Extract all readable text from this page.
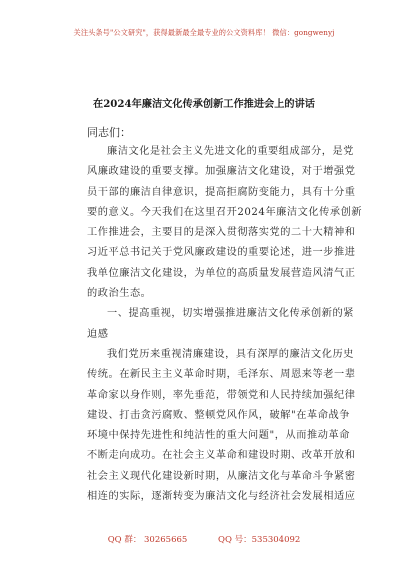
关注头条号"公文研究"，获得最新最全最专业的公文资料库！ 微信：gongwenyj
在2024年廉洁文化传承创新工作推进会上的讲话
同志们：
廉洁文化是社会主义先进文化的重要组成部分，是党
风廉政建设的重要支撑。加强廉洁文化建设，对于增强党
员干部的廉洁自律意识，提高拒腐防变能力，具有十分重
要的意义。今天我们在这里召开2024年廉洁文化传承创新
工作推进会，主要目的是深入贯彻落实党的二十大精神和
习近平总书记关于党风廉政建设的重要论述，进一步推进
我单位廉洁文化建设，为单位的高质量发展营造风清气正
的政治生态。
一、提高重视，切实增强推进廉洁文化传承创新的紧
迫感
我们党历来重视清廉建设，具有深厚的廉洁文化历史
传统。在新民主主义革命时期，毛泽东、周恩来等老一辈
革命家以身作则，率先垂范，带领党和人民持续加强纪律
建设、打击贪污腐败、整顿党风作风，破解"在革命战争
环境中保持先进性和纯洁性的重大问题"，从而推动革命
不断走向成功。在社会主义革命和建设时期、改革开放和
社会主义现代化建设新时期，从廉洁文化与革命斗争紧密
相连的实际，逐渐转变为廉洁文化与经济社会发展相适应
QQ 群： 30265665	QQ 号：535304092
